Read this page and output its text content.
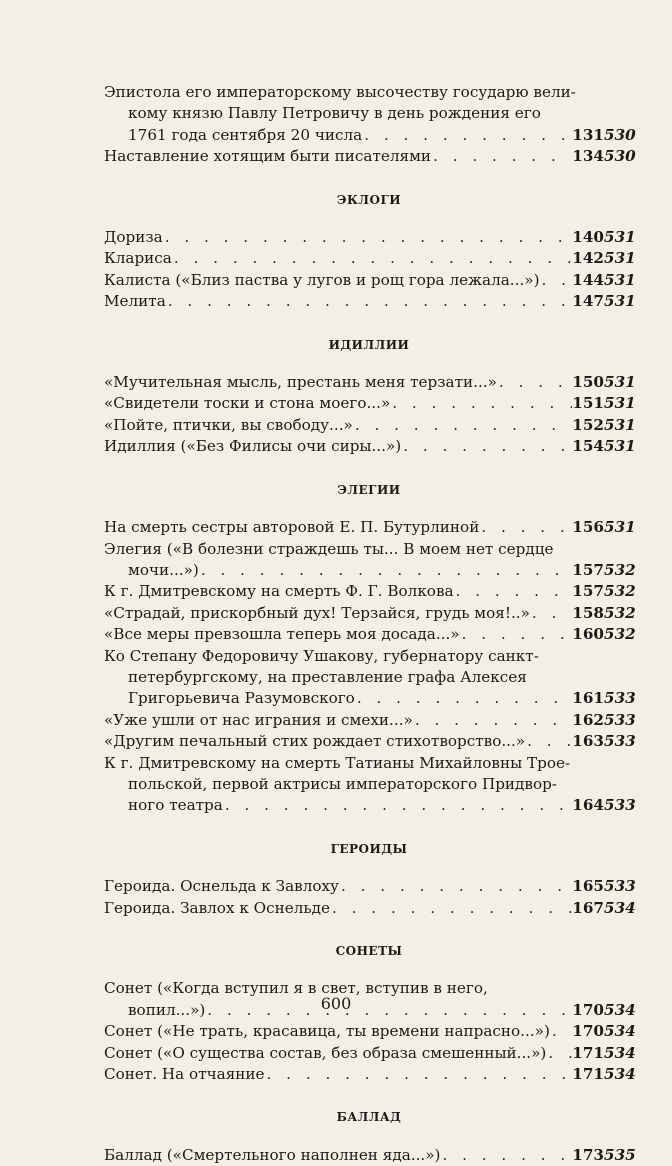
Эпистола его императорскому высочеству государю вели-
кому князю Павлу Петровичу в день рождения его
1761 года сентября 20 числа . . .	131 530
Наставление хотящим быти писателями . . .	134 530
ЭКЛОГИ
Дориза . . .	140 531
Клариса . . .	142 531
Калиста («Близ паства у лугов и рощ гора лежала...») . . . 144 531
Мелита . . .	147 531
ИДИЛЛИИ
«Мучительная мысль, престань меня терзати...» . . .	150 531
«Свидетели тоски и стона моего...» . . .	151 531
«Пойте, птички, вы свободу...» . . .	152 531
Идиллия («Без Филисы очи сиры...») . . .	154 531
ЭЛЕГИИ
На смерть сестры авторовой Е. П. Бутурлиной . . .	156 531
Элегия («В болезни страждешь ты... В моем нет сердце
мочи...») . . .	157 532
К г. Дмитревскому на смерть Ф. Г. Волкова . . .	157 532
«Страдай, прискорбный дух! Терзайся, грудь моя!..» . . .	158 532
«Все меры превзошла теперь моя досада...» . . .	160 532
Ко Степану Федоровичу Ушакову, губернатору санкт-
петербургскому, на преставление графа Алексея
Григорьевича Разумовского . . .	161 533
«Уже ушли от нас играния и смехи...» . . .	162 533
«Другим печальный стих рождает стихотворство...» . . .	163 533
К г. Дмитревскому на смерть Татианы Михайловны Трое-
польской, первой актрисы императорского Придвор-
ного театра . . .	164 533
ГЕРОИДЫ
Героида. Оснельда к Завлоху . . .	165 533
Героида. Завлох к Оснельде . . .	167 534
СОНЕТЫ
Сонет («Когда вступил я в свет, вступив в него,
вопил...») . . .	170 534
Сонет («Не трать, красавица, ты времени напрасно...») . . . 170 534
Сонет («О существа состав, без образа смешенный...») . . . 171 534
Сонет. На отчаяние . . .	171 534
БАЛЛАД
Баллад («Смертельного наполнен яда...») . . .	173 535
600
